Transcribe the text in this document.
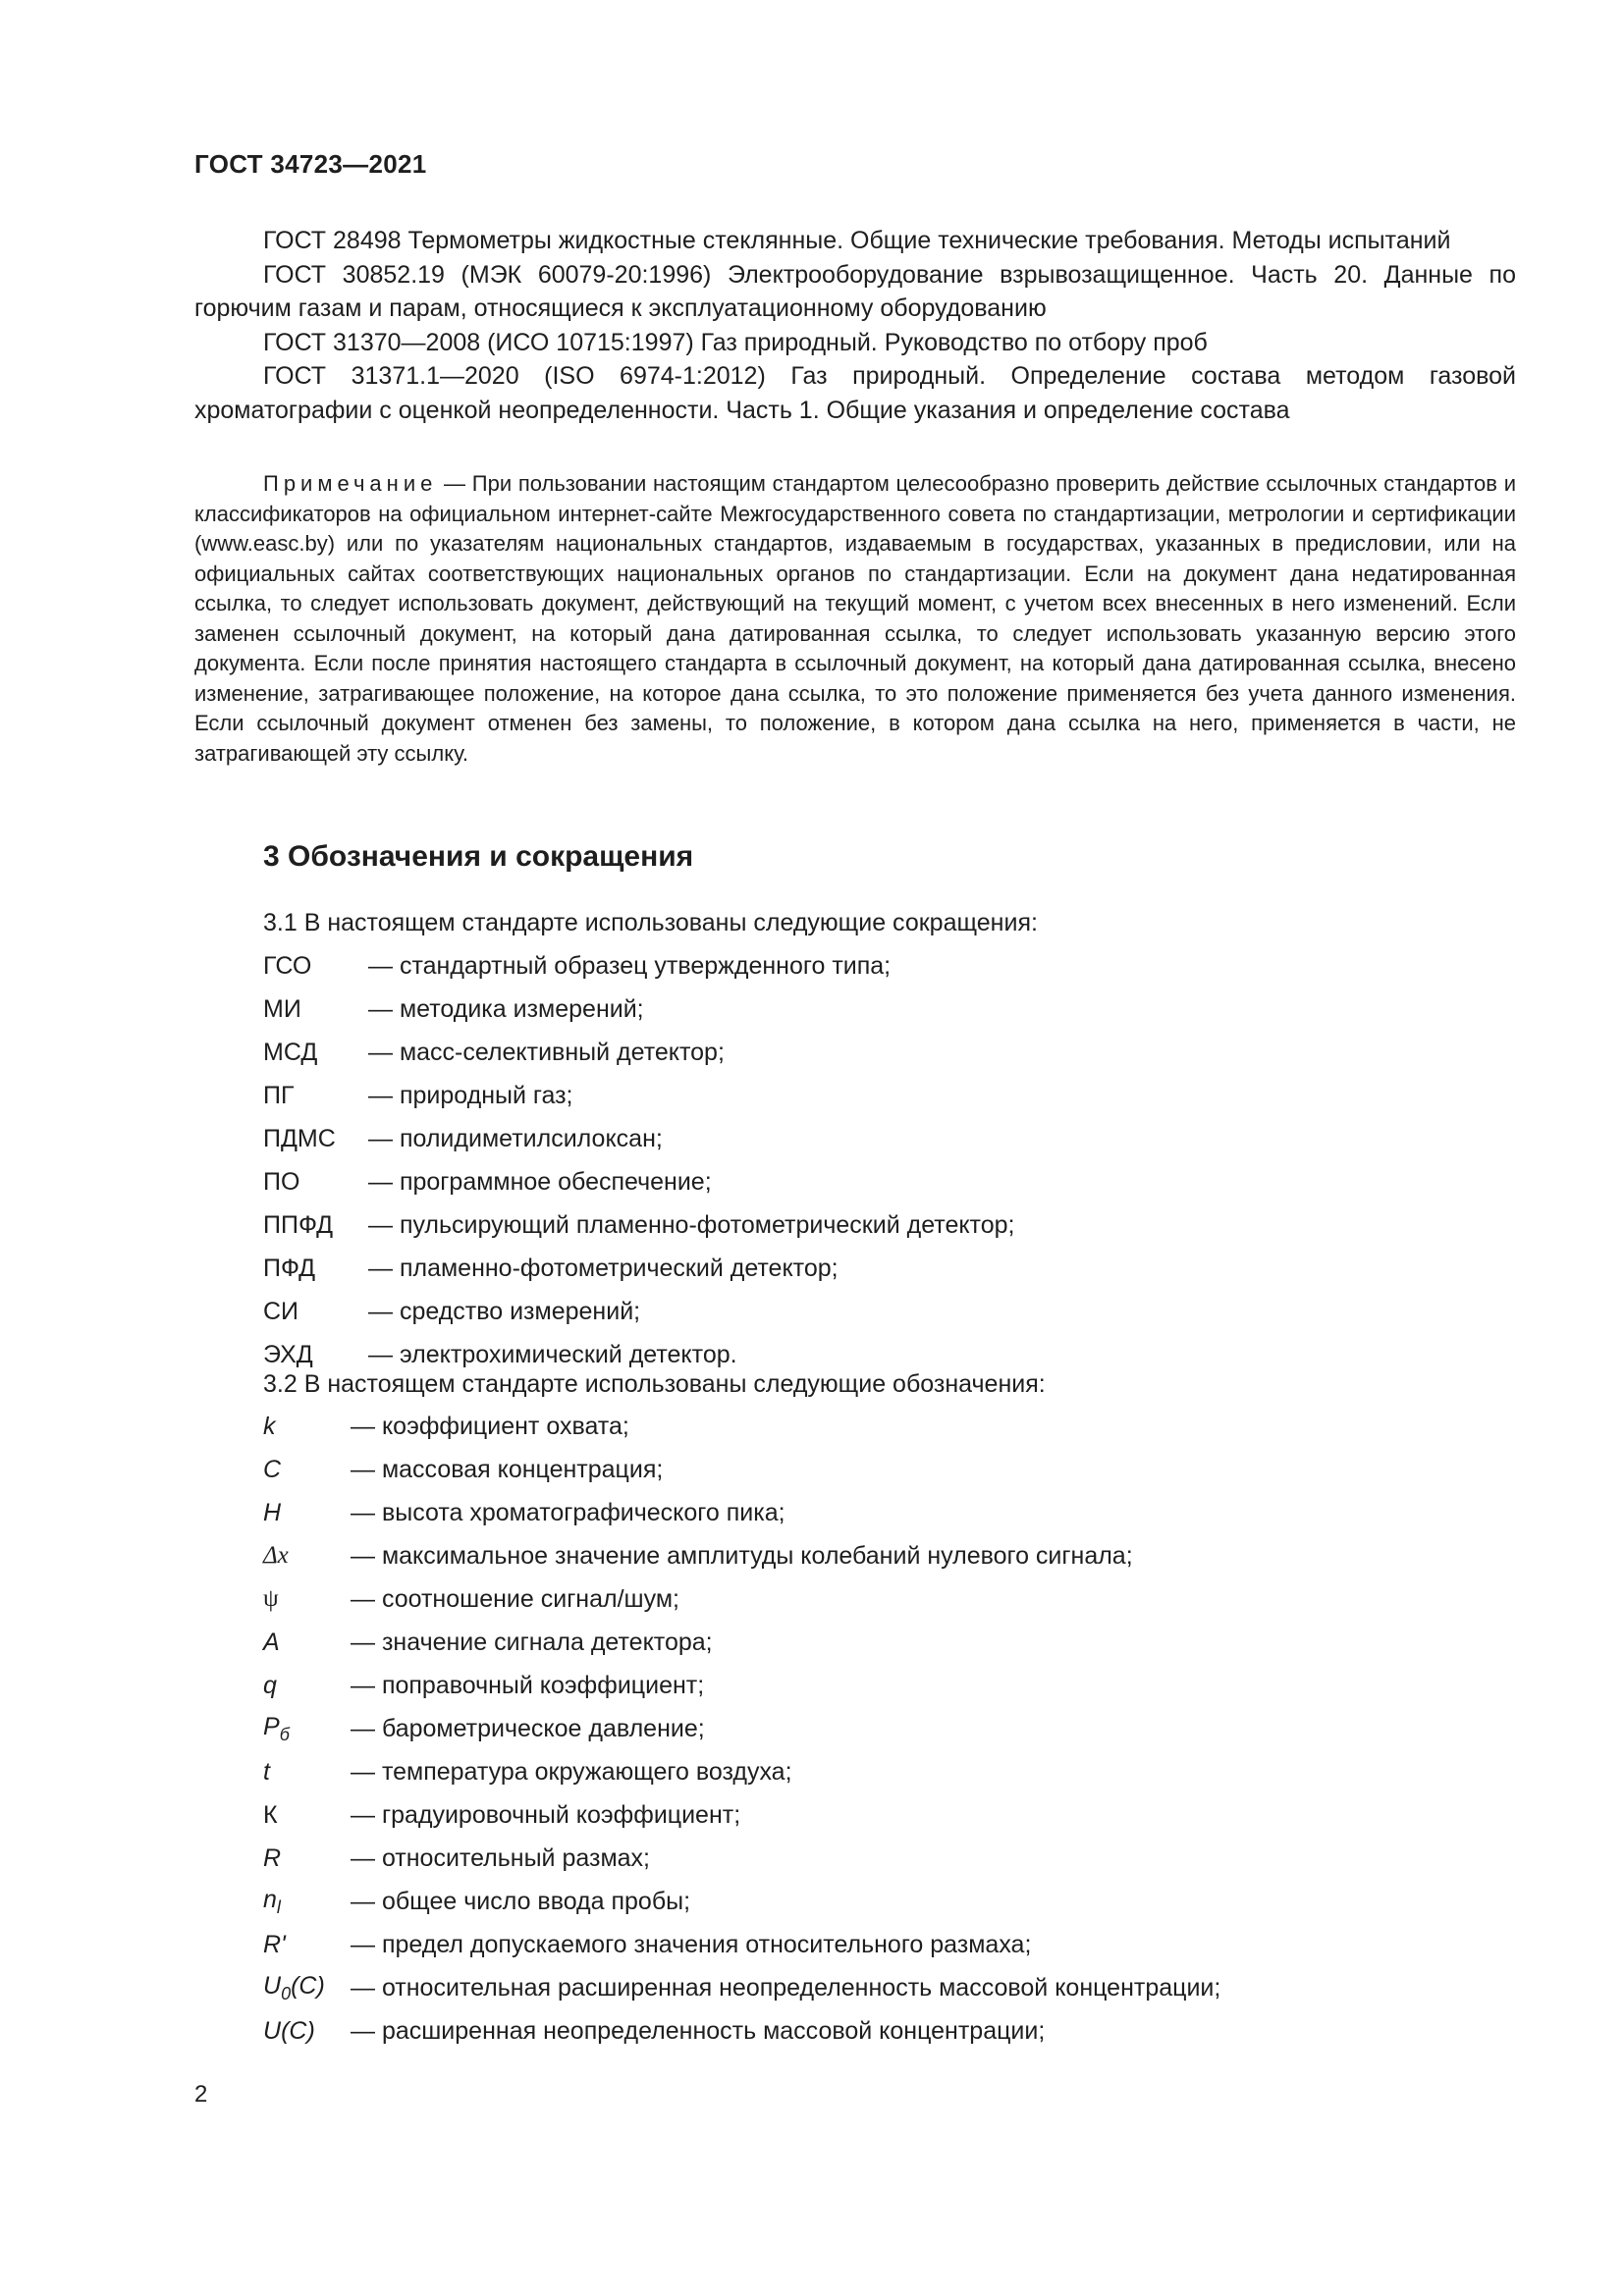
ГОСТ 34723—2021

ГОСТ 28498 Термометры жидкостные стеклянные. Общие технические требования. Методы испытаний

ГОСТ 30852.19 (МЭК 60079-20:1996) Электрооборудование взрывозащищенное. Часть 20. Данные по горючим газам и парам, относящиеся к эксплуатационному оборудованию

ГОСТ 31370—2008 (ИСО 10715:1997) Газ природный. Руководство по отбору проб

ГОСТ 31371.1—2020 (ISO 6974-1:2012) Газ природный. Определение состава методом газовой хроматографии с оценкой неопределенности. Часть 1. Общие указания и определение состава

Примечание — При пользовании настоящим стандартом целесообразно проверить действие ссылочных стандартов и классификаторов на официальном интернет-сайте Межгосударственного совета по стандартизации, метрологии и сертификации (www.easc.by) или по указателям национальных стандартов, издаваемым в государствах, указанных в предисловии, или на официальных сайтах соответствующих национальных органов по стандартизации. Если на документ дана недатированная ссылка, то следует использовать документ, действующий на текущий момент, с учетом всех внесенных в него изменений. Если заменен ссылочный документ, на который дана датированная ссылка, то следует использовать указанную версию этого документа. Если после принятия настоящего стандарта в ссылочный документ, на который дана датированная ссылка, внесено изменение, затрагивающее положение, на которое дана ссылка, то это положение применяется без учета данного изменения. Если ссылочный документ отменен без замены, то положение, в котором дана ссылка на него, применяется в части, не затрагивающей эту ссылку.

3 Обозначения и сокращения

3.1 В настоящем стандарте использованы следующие сокращения:

ГСО	— стандартный образец утвержденного типа;
МИ	— методика измерений;
МСД	— масс-селективный детектор;
ПГ	— природный газ;
ПДМС	— полидиметилсилоксан;
ПО	— программное обеспечение;
ППФД	— пульсирующий пламенно-фотометрический детектор;
ПФД	— пламенно-фотометрический детектор;
СИ	— средство измерений;
ЭХД	— электрохимический детектор.

3.2 В настоящем стандарте использованы следующие обозначения:

k	— коэффициент охвата;
C	— массовая концентрация;
H	— высота хроматографического пика;
Δx	— максимальное значение амплитуды колебаний нулевого сигнала;
ψ	— соотношение сигнал/шум;
A	— значение сигнала детектора;
q	— поправочный коэффициент;
$P_б$	— барометрическое давление;
t	— температура окружающего воздуха;
К	— градуировочный коэффициент;
R	— относительный размах;
$n_l$	— общее число ввода пробы;
R'	— предел допускаемого значения относительного размаха;
$U_0(C)$	— относительная расширенная неопределенность массовой концентрации;
U(C)	— расширенная неопределенность массовой концентрации;
2
